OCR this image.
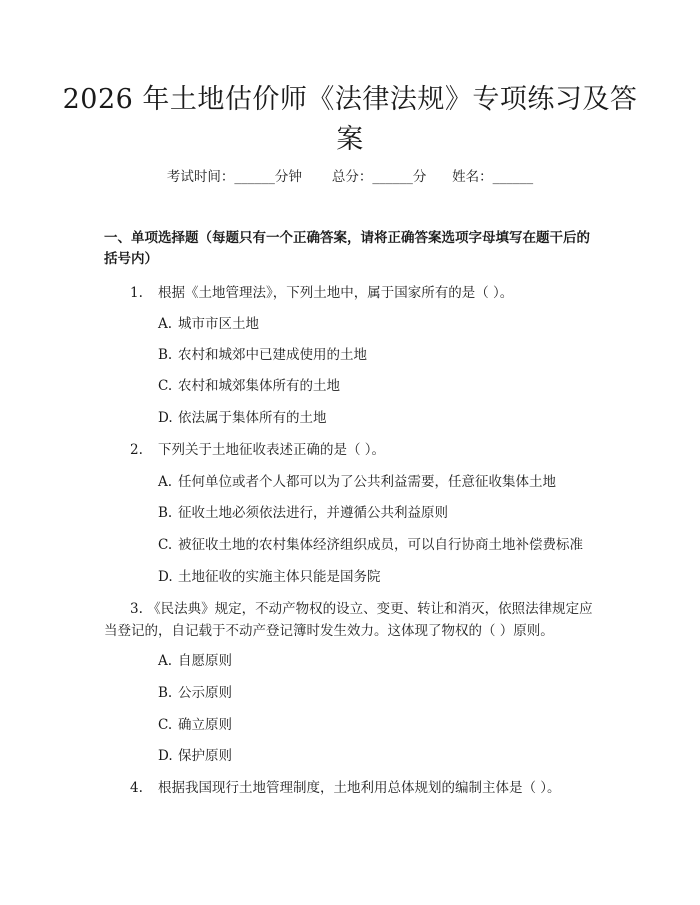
2026 年土地估价师《法律法规》专项练习及答案
考试时间：______分钟 总分：______分 姓名：______
一、单项选择题（每题只有一个正确答案，请将正确答案选项字母填写在题干后的括号内）
1. 根据《土地管理法》，下列土地中，属于国家所有的是（ ）。
A. 城市市区土地
B. 农村和城郊中已建成使用的土地
C. 农村和城郊集体所有的土地
D. 依法属于集体所有的土地
2. 下列关于土地征收表述正确的是（ ）。
A. 任何单位或者个人都可以为了公共利益需要，任意征收集体土地
B. 征收土地必须依法进行，并遵循公共利益原则
C. 被征收土地的农村集体经济组织成员，可以自行协商土地补偿费标准
D. 土地征收的实施主体只能是国务院
3. 《民法典》规定，不动产物权的设立、变更、转让和消灭，依照法律规定应当登记的，自记载于不动产登记簿时发生效力。这体现了物权的（ ）原则。
A. 自愿原则
B. 公示原则
C. 确立原则
D. 保护原则
4. 根据我国现行土地管理制度，土地利用总体规划的编制主体是（ ）。
